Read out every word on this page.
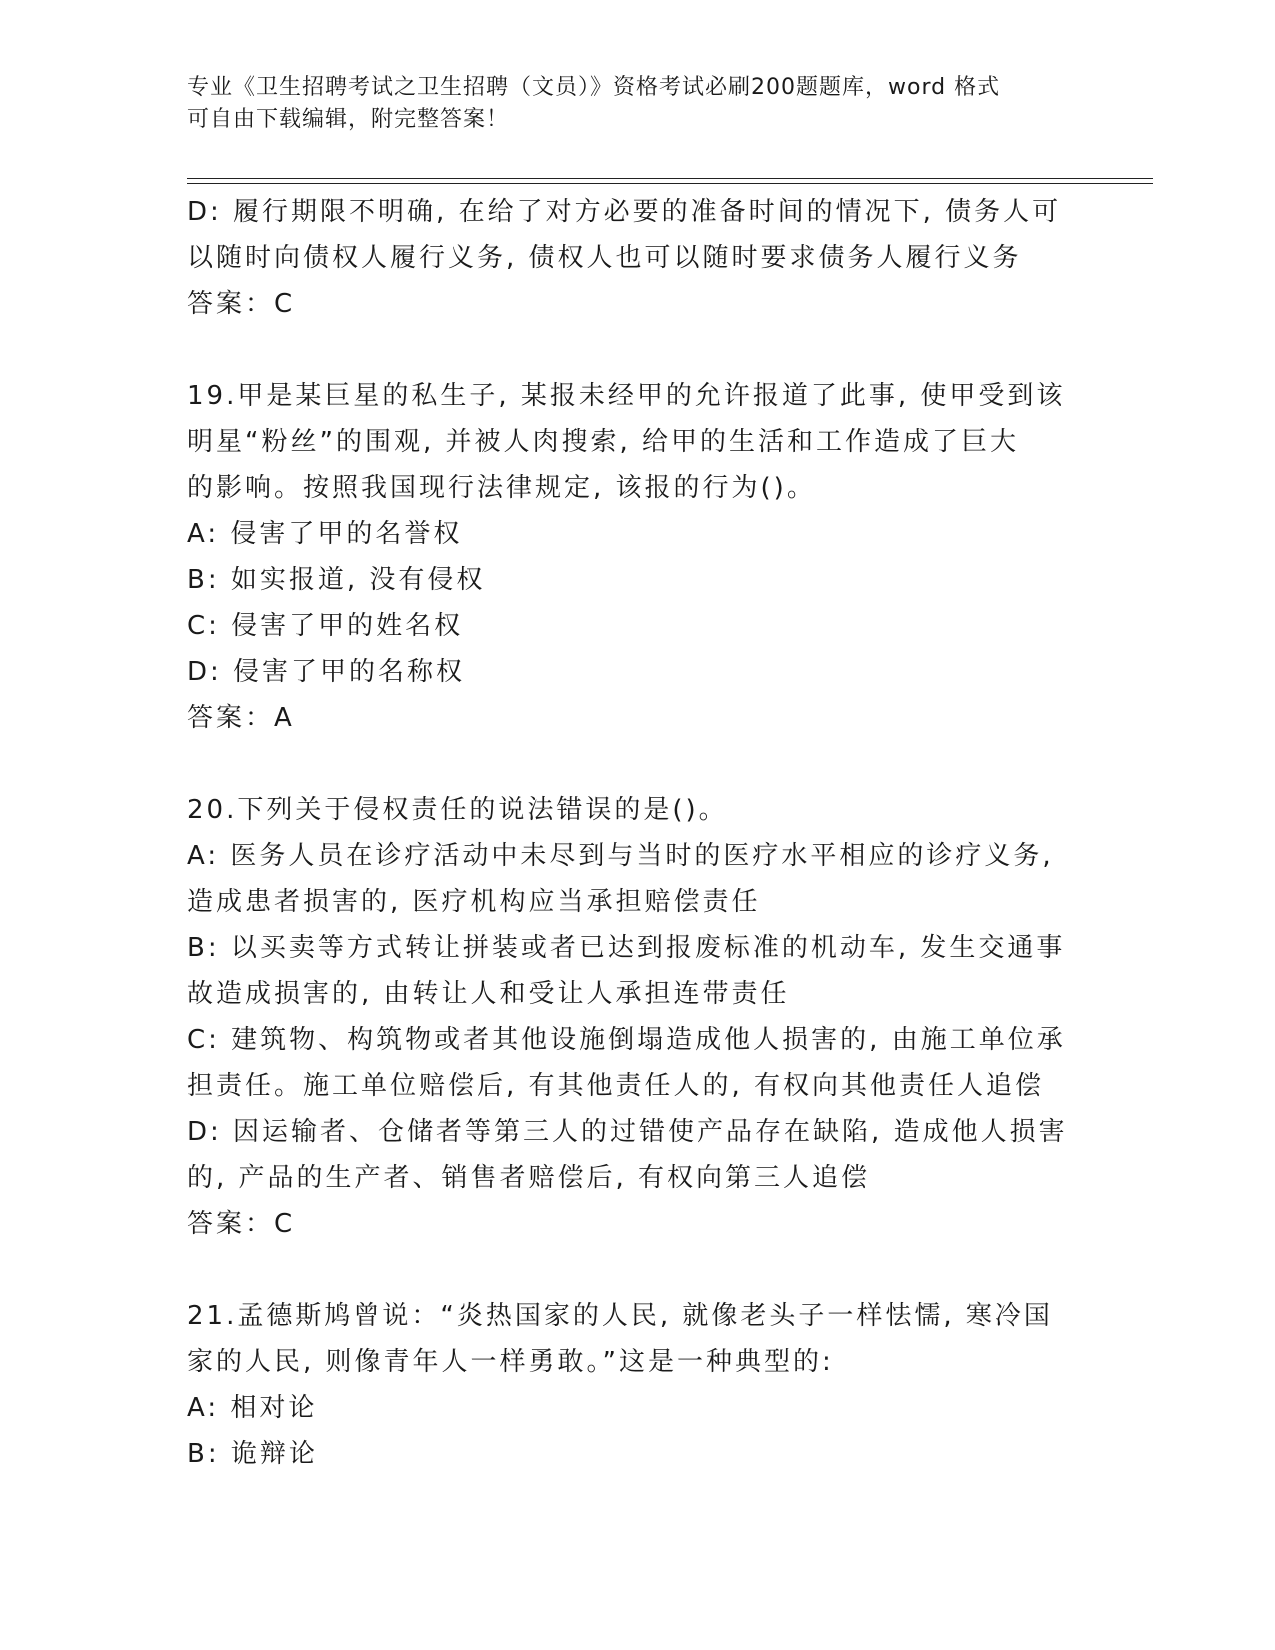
专业《卫生招聘考试之卫生招聘（文员）》资格考试必刷200题题库，word 格式
可自由下载编辑，附完整答案！
D: 履行期限不明确, 在给了对方必要的准备时间的情况下, 债务人可
以随时向债权人履行义务, 债权人也可以随时要求债务人履行义务
答案：C
19.甲是某巨星的私生子, 某报未经甲的允许报道了此事, 使甲受到该
明星“粉丝”的围观, 并被人肉搜索, 给甲的生活和工作造成了巨大
的影响。按照我国现行法律规定, 该报的行为()。
A: 侵害了甲的名誉权
B: 如实报道, 没有侵权
C: 侵害了甲的姓名权
D: 侵害了甲的名称权
答案：A
20.下列关于侵权责任的说法错误的是()。
A: 医务人员在诊疗活动中未尽到与当时的医疗水平相应的诊疗义务,
造成患者损害的, 医疗机构应当承担赔偿责任
B: 以买卖等方式转让拼装或者已达到报废标准的机动车, 发生交通事
故造成损害的, 由转让人和受让人承担连带责任
C: 建筑物、构筑物或者其他设施倒塌造成他人损害的, 由施工单位承
担责任。施工单位赔偿后, 有其他责任人的, 有权向其他责任人追偿
D: 因运输者、仓储者等第三人的过错使产品存在缺陷, 造成他人损害
的, 产品的生产者、销售者赔偿后, 有权向第三人追偿
答案：C
21.孟德斯鸠曾说：“炎热国家的人民, 就像老头子一样怯懦, 寒冷国
家的人民, 则像青年人一样勇敢。”这是一种典型的:
A: 相对论
B: 诡辩论
